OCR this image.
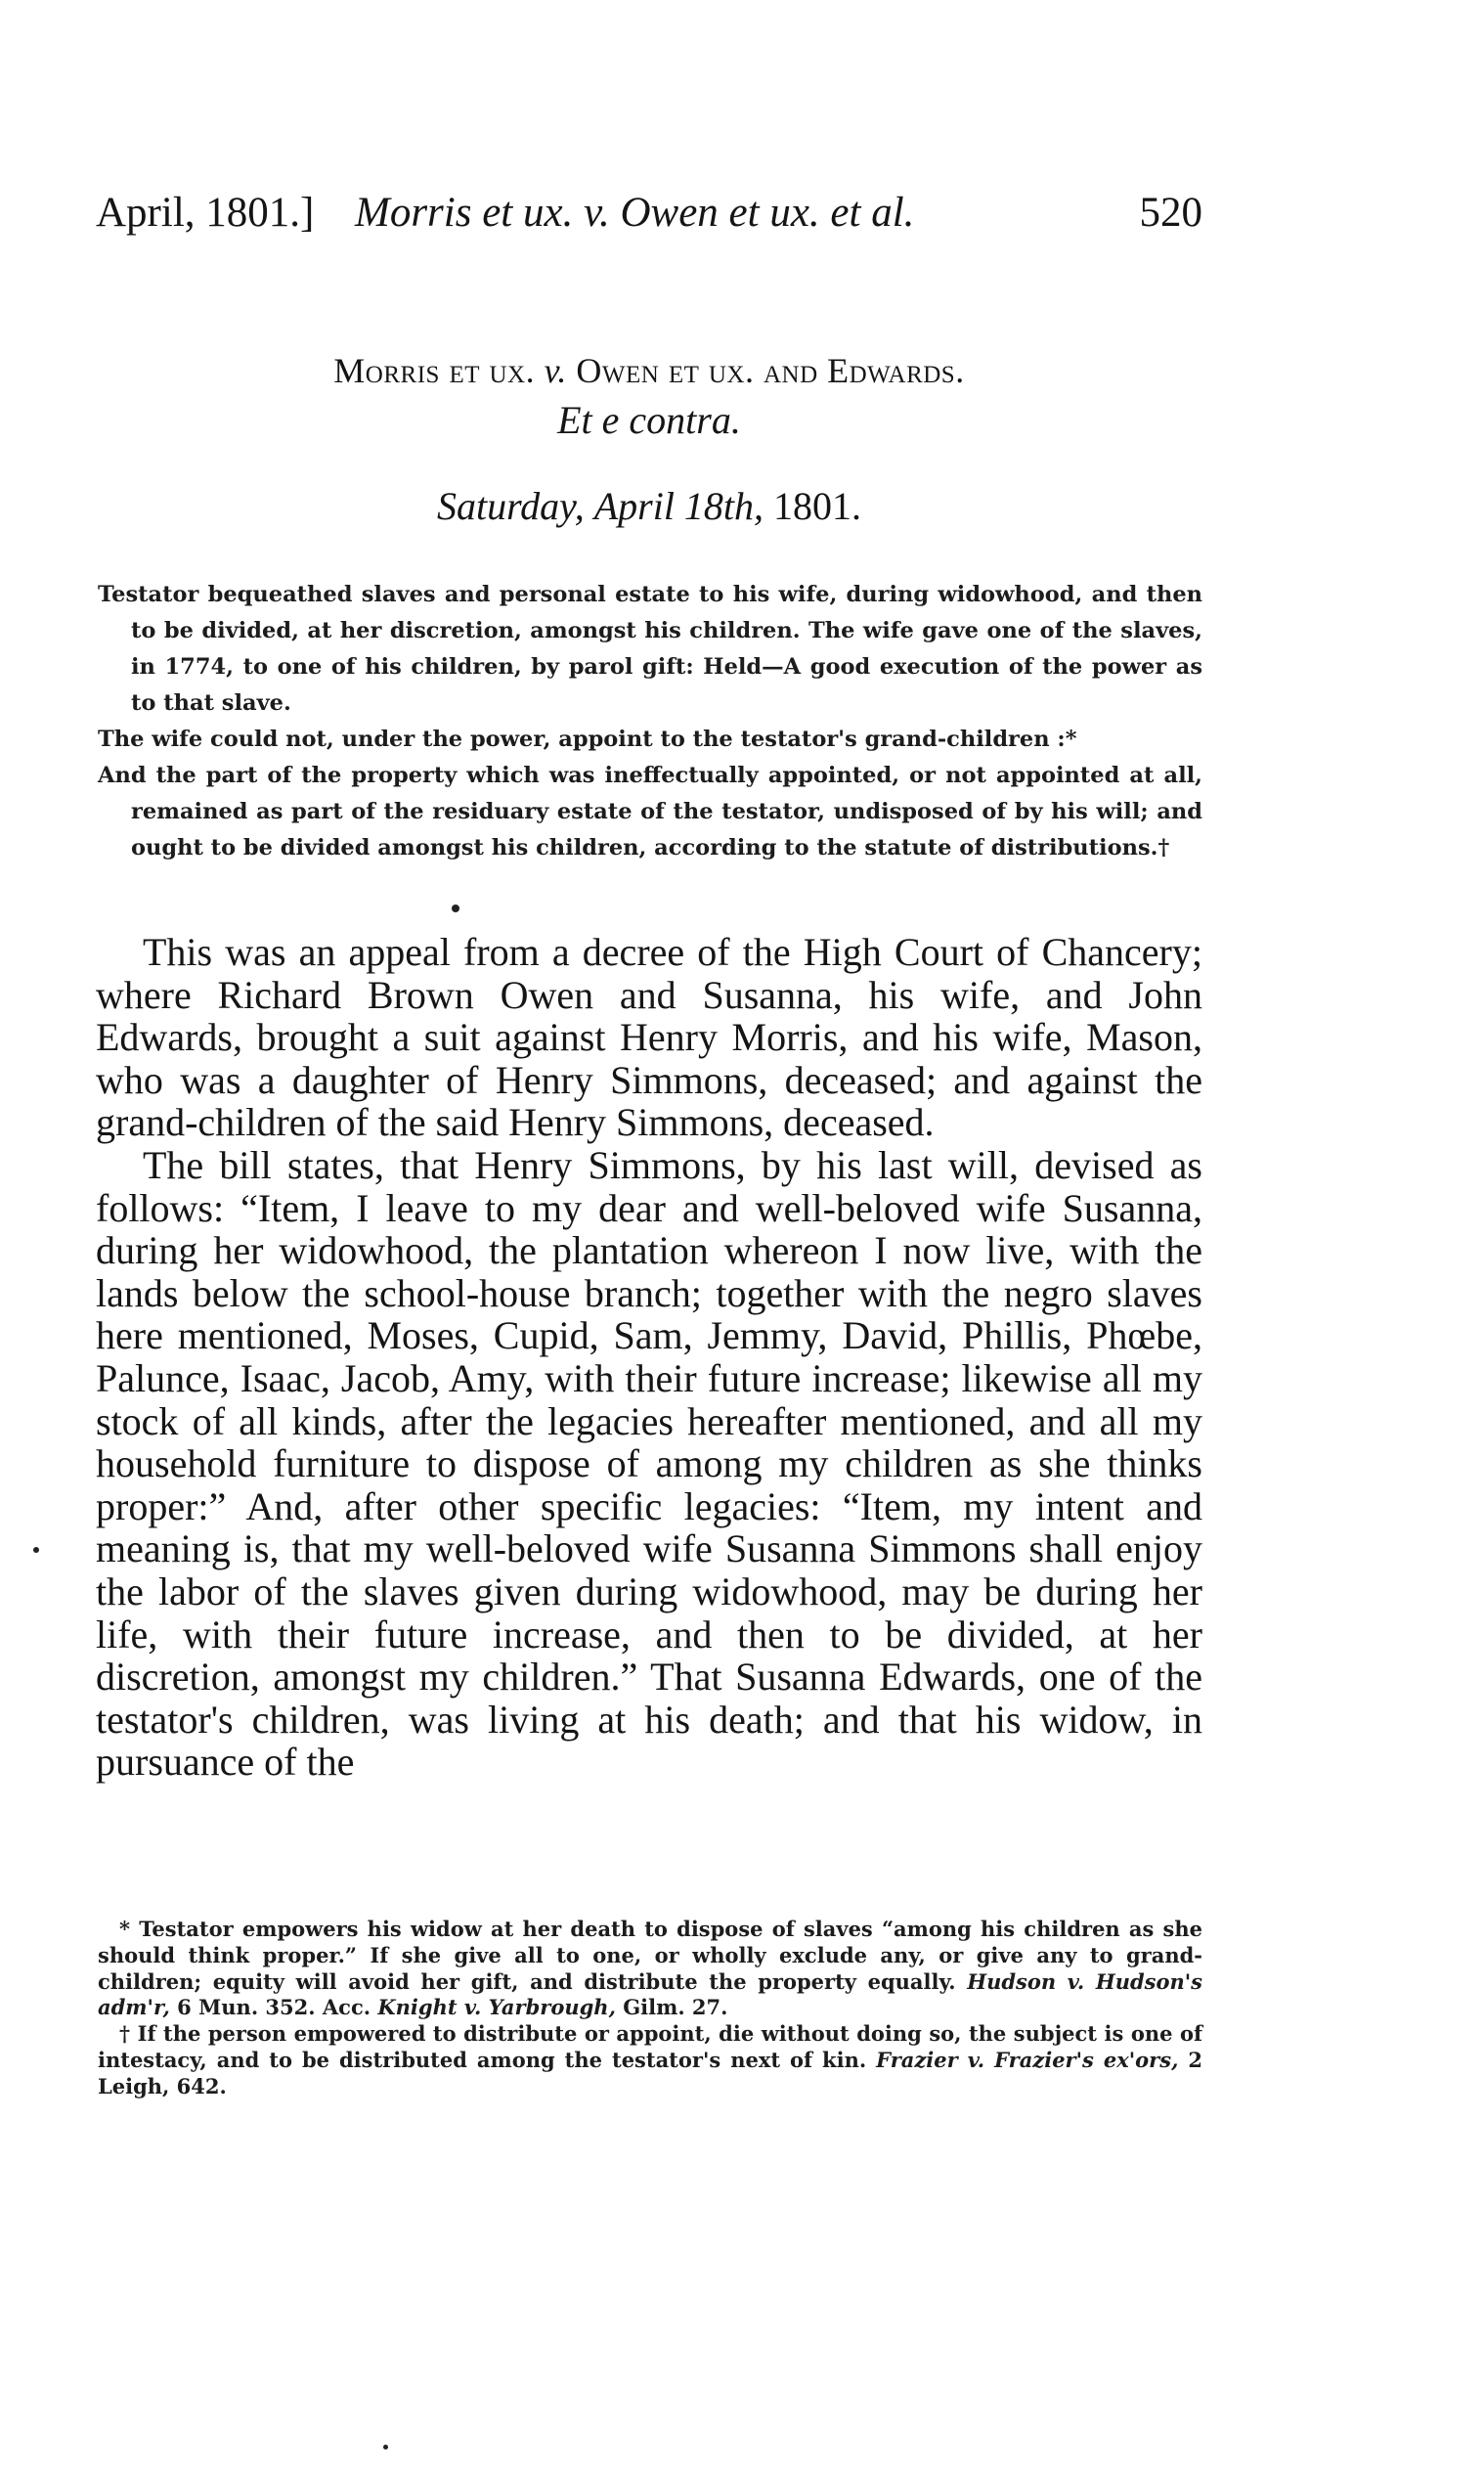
April, 1801.] Morris et ux. v. Owen et ux. et al.	520
Morris et ux. v. Owen et ux. and Edwards.
Et e contra.
Saturday, April 18th, 1801.

Testator bequeathed slaves and personal estate to his wife, during widowhood, and then to be divided, at her discretion, amongst his children. The wife gave one of the slaves, in 1774, to one of his children, by parol gift: Held—A good execution of the power as to that slave.

The wife could not, under the power, appoint to the testator's grand-children :*

And the part of the property which was ineffectually appointed, or not appointed at all, remained as part of the residuary estate of the testator, undisposed of by his will; and ought to be divided amongst his children, according to the statute of distributions.†

This was an appeal from a decree of the High Court of Chancery; where Richard Brown Owen and Susanna, his wife, and John Edwards, brought a suit against Henry Morris, and his wife, Mason, who was a daughter of Henry Simmons, deceased; and against the grand-children of the said Henry Simmons, deceased.

The bill states, that Henry Simmons, by his last will, devised as follows: “Item, I leave to my dear and well-beloved wife Susanna, during her widowhood, the plantation whereon I now live, with the lands below the school-house branch; together with the negro slaves here mentioned, Moses, Cupid, Sam, Jemmy, David, Phillis, Phœbe, Palunce, Isaac, Jacob, Amy, with their future increase; likewise all my stock of all kinds, after the legacies hereafter mentioned, and all my household furniture to dispose of among my children as she thinks proper:” And, after other specific legacies: “Item, my intent and meaning is, that my well-beloved wife Susanna Simmons shall enjoy the labor of the slaves given during widowhood, may be during her life, with their future increase, and then to be divided, at her discretion, amongst my children.” That Susanna Edwards, one of the testator's children, was living at his death; and that his widow, in pursuance of the

* Testator empowers his widow at her death to dispose of slaves “among his children as she should think proper.” If she give all to one, or wholly exclude any, or give any to grand-children; equity will avoid her gift, and distribute the property equally. Hudson v. Hudson's adm'r, 6 Mun. 352. Acc. Knight v. Yarbrough, Gilm. 27.

† If the person empowered to distribute or appoint, die without doing so, the subject is one of intestacy, and to be distributed among the testator's next of kin. Frazier v. Frazier's ex'ors, 2 Leigh, 642.
